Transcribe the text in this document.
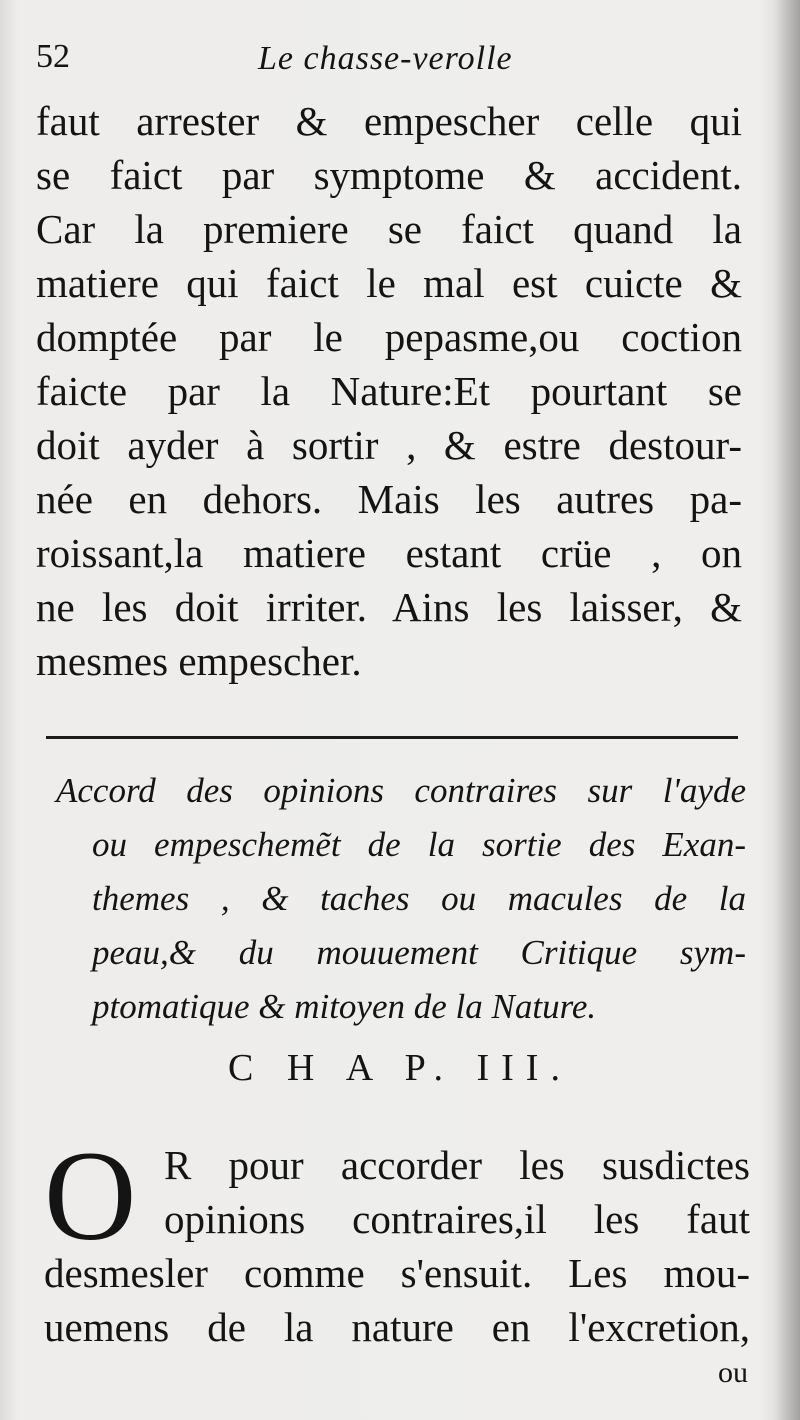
52	Le chasse-verolle
faut arrester & empescher celle qui
se faict par symptome & accident.
Car la premiere se faict quand la
matiere qui faict le mal est cuicte &
domptée par le pepasme,ou coction
faicte par la Nature:Et pourtant se
doit ayder à sortir , & estre destour-
née en dehors. Mais les autres pa-
roissant,la matiere estant crüe , on
ne les doit irriter. Ains les laisser, &
mesmes empescher.
Accord des opinions contraires sur l'ayde
ou empeschemẽt de la sortie des Exan-
themes , & taches ou macules de la
peau,& du mouuement Critique sym-
ptomatique & mitoyen de la Nature.
C H A P. III.
O R pour accorder les susdictes
opinions contraires,il les faut
desmesler comme s'ensuit. Les mou-
uemens de la nature en l'excretion,
ou
